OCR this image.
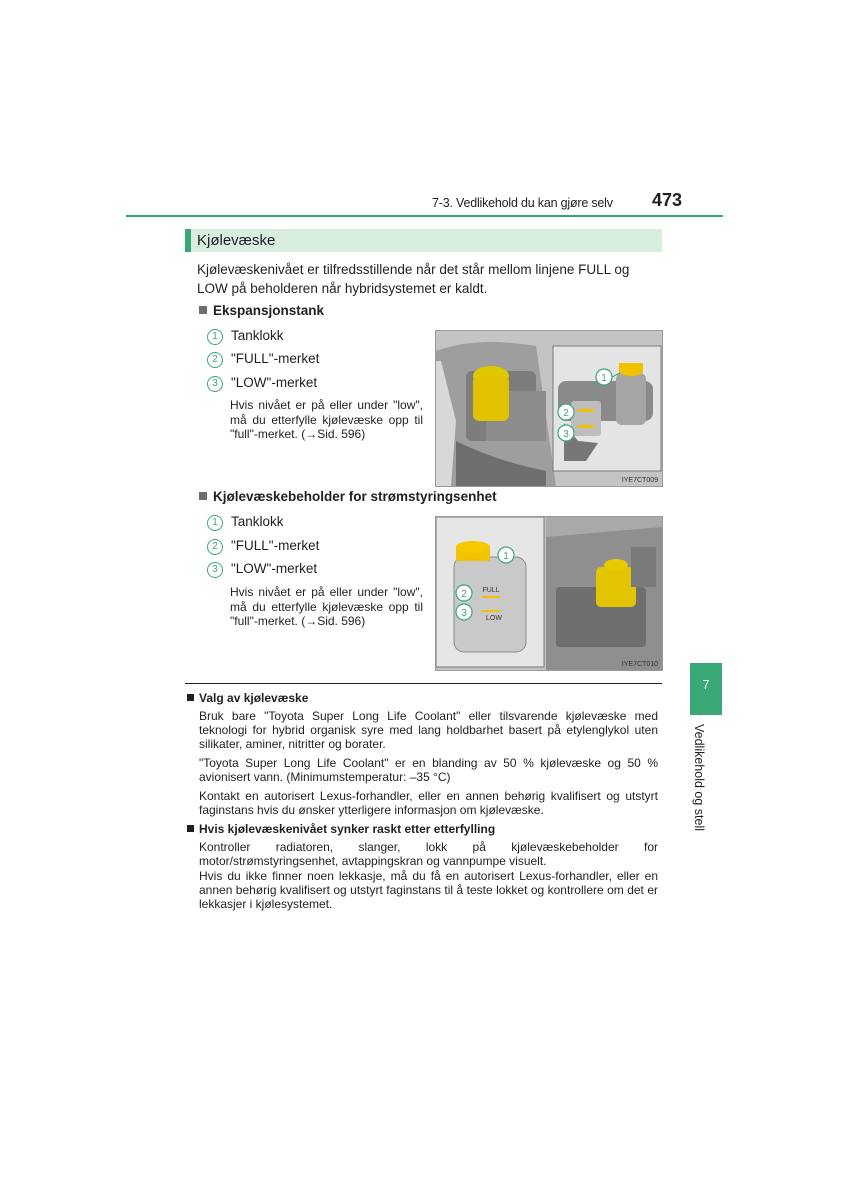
7-3. Vedlikehold du kan gjøre selv 473
Kjølevæske
Kjølevæskenivået er tilfredsstillende når det står mellom linjene FULL og LOW på beholderen når hybridsystemet er kaldt.
Ekspansjonstank
1 Tanklokk
2 "FULL"-merket
3 "LOW"-merket
Hvis nivået er på eller under "low", må du etterfylle kjølevæske opp til "full"-merket. (→Sid. 596)
1
2
3
IYE7CT009
Kjølevæskebeholder for strømstyringsenhet
1 Tanklokk
2 "FULL"-merket
3 "LOW"-merket
Hvis nivået er på eller under "low", må du etterfylle kjølevæske opp til "full"-merket. (→Sid. 596)
FULL
LOW
1
2
3
IYE7CT010
Valg av kjølevæske
Bruk bare "Toyota Super Long Life Coolant" eller tilsvarende kjølevæske med teknologi for hybrid organisk syre med lang holdbarhet basert på etylenglykol uten silikater, aminer, nitritter og borater.
"Toyota Super Long Life Coolant" er en blanding av 50 % kjølevæske og 50 % avionisert vann. (Minimumstemperatur: –35 °C)
Kontakt en autorisert Lexus-forhandler, eller en annen behørig kvalifisert og utstyrt faginstans hvis du ønsker ytterligere informasjon om kjølevæske.
Hvis kjølevæskenivået synker raskt etter etterfylling
Kontroller radiatoren, slanger, lokk på kjølevæskebeholder for motor/strømstyringsenhet, avtappingskran og vannpumpe visuelt.
Hvis du ikke finner noen lekkasje, må du få en autorisert Lexus-forhandler, eller en annen behørig kvalifisert og utstyrt faginstans til å teste lokket og kontrollere om det er lekkasjer i kjølesystemet.
7
Vedlikehold og stell
